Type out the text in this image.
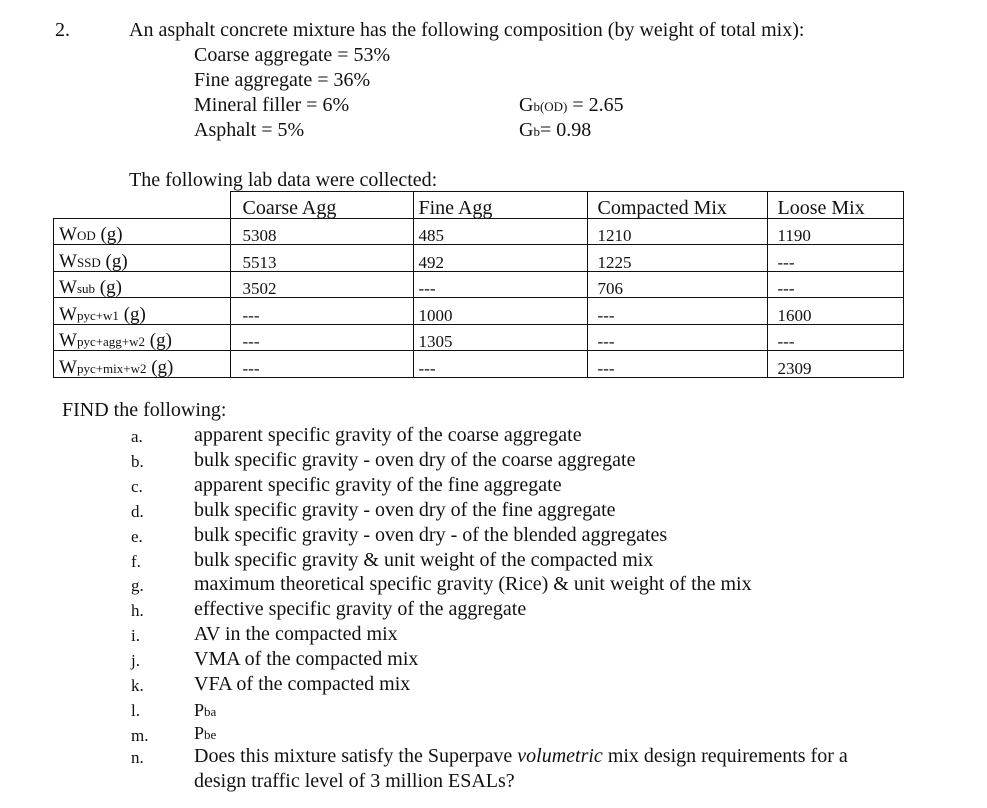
2.	An asphalt concrete mixture has the following composition (by weight of total mix):
Coarse aggregate = 53%
Fine aggregate = 36%
Mineral filler = 6%
Asphalt = 5%
Gb(OD) = 2.65
Gb= 0.98
The following lab data were collected:
	Coarse Agg	Fine Agg	Compacted Mix	Loose Mix
WOD (g)	5308	485	1210	1190
WSSD (g)	5513	492	1225	---
Wsub (g)	3502	---	706	---
Wpyc+w1 (g)	---	1000	---	1600
Wpyc+agg+w2 (g)	---	1305	---	---
Wpyc+mix+w2 (g)	---	---	---	2309
FIND the following:
a.	apparent specific gravity of the coarse aggregate
b.	bulk specific gravity - oven dry of the coarse aggregate
c.	apparent specific gravity of the fine aggregate
d.	bulk specific gravity - oven dry of the fine aggregate
e.	bulk specific gravity - oven dry - of the blended aggregates
f.	bulk specific gravity & unit weight of the compacted mix
g.	maximum theoretical specific gravity (Rice) & unit weight of the mix
h.	effective specific gravity of the aggregate
i.	AV in the compacted mix
j.	VMA of the compacted mix
k.	VFA of the compacted mix
l.	Pba
m.	Pbe
n.	Does this mixture satisfy the Superpave volumetric mix design requirements for a
design traffic level of 3 million ESALs?
